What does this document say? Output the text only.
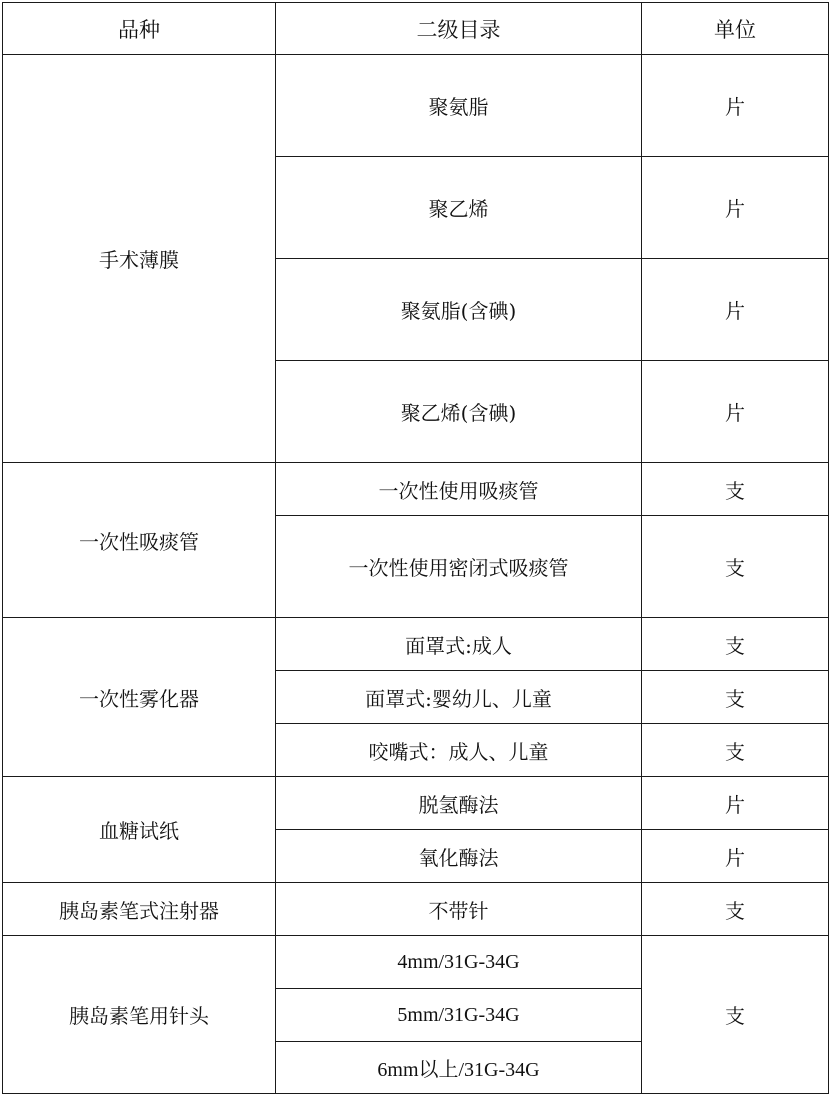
品种	二级目录	单位
手术薄膜	聚氨脂	片
	聚乙烯	片
	聚氨脂(含碘)	片
	聚乙烯(含碘)	片
一次性吸痰管	一次性使用吸痰管	支
	一次性使用密闭式吸痰管	支
一次性雾化器	面罩式:成人	支
	面罩式:婴幼儿、儿童	支
	咬嘴式：成人、儿童	支
血糖试纸	脱氢酶法	片
	氧化酶法	片
胰岛素笔式注射器	不带针	支
胰岛素笔用针头	4mm/31G-34G	支
	5mm/31G-34G	
	6mm以上/31G-34G	
